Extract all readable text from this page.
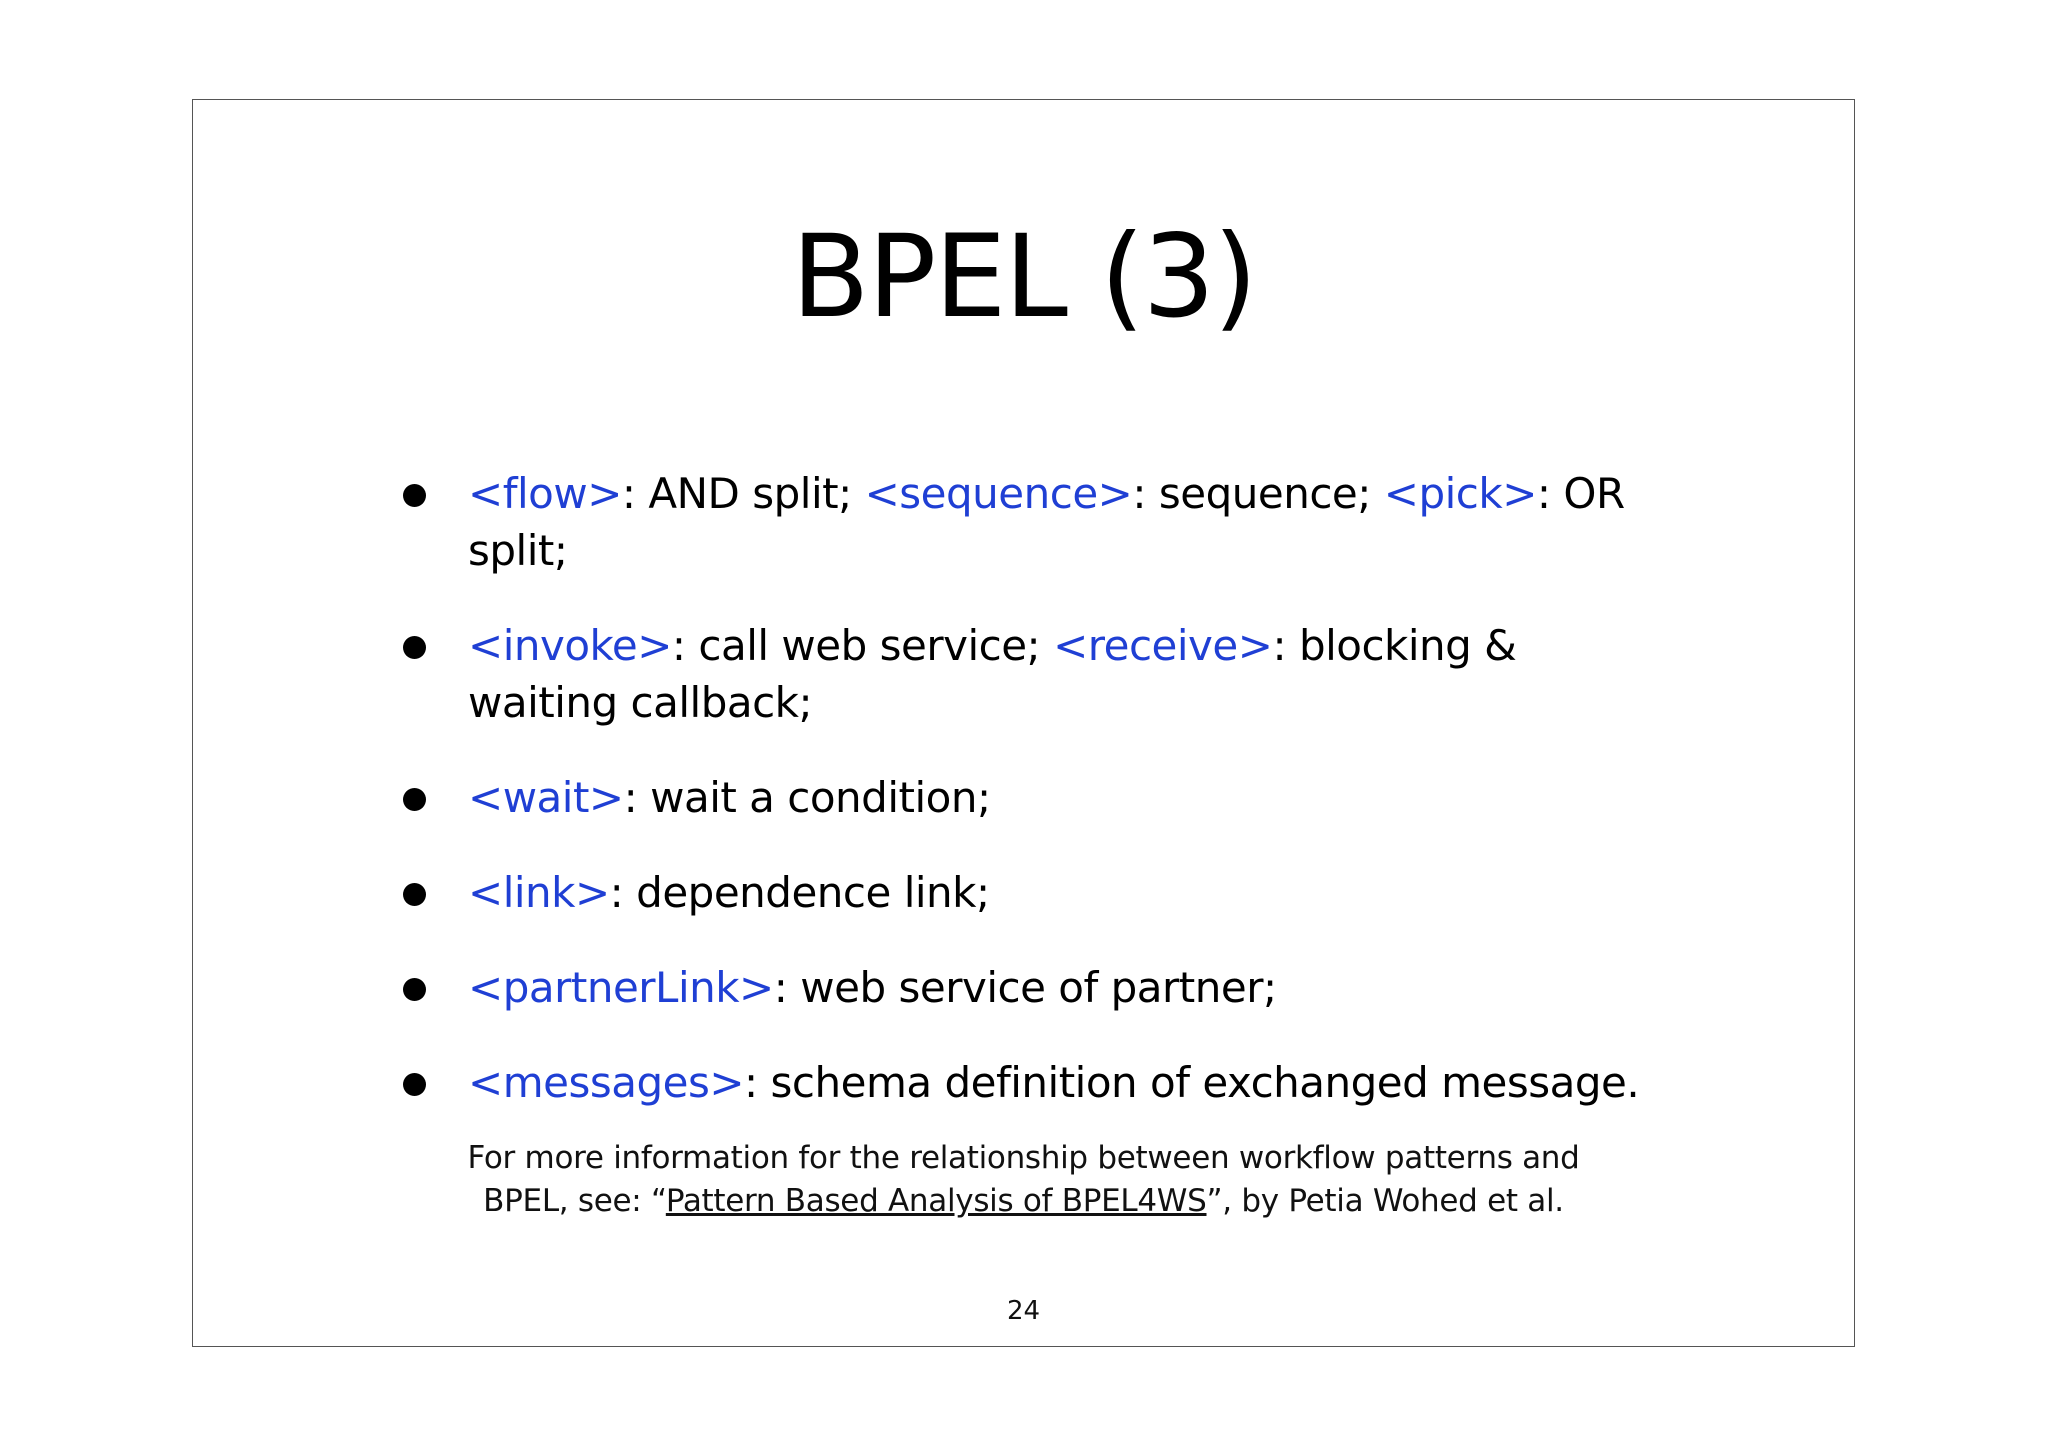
BPEL (3)
<flow>: AND split; <sequence>: sequence; <pick>: OR split;
<invoke>: call web service; <receive>: blocking & waiting callback;
<wait>: wait a condition;
<link>: dependence link;
<partnerLink>: web service of partner;
<messages>: schema definition of exchanged message.
For more information for the relationship between workflow patterns and
BPEL, see: “Pattern Based Analysis of BPEL4WS”, by Petia Wohed et al.
24
